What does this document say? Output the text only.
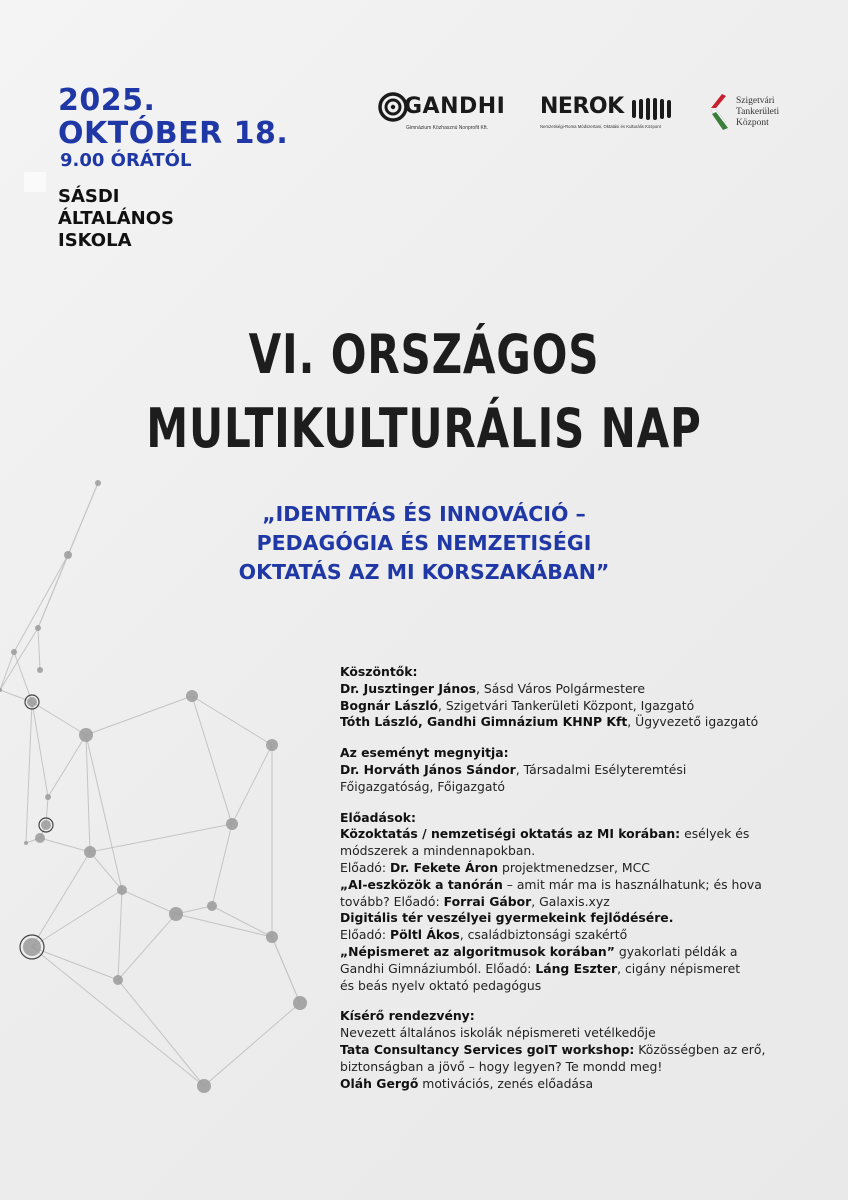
2025.
OKTÓBER 18.
9.00 ÓRÁTÓL
SÁSDI
ÁLTALÁNOS
ISKOLA
GANDHI
Gimnázium Közhasznú Nonprofit Kft.
NEROK
Nemzetiségi-Roma Módszertani, Oktatási és Kulturális Központ
Szigetvári
Tankerületi
Központ
VI. ORSZÁGOS
MULTIKULTURÁLIS NAP
„IDENTITÁS ÉS INNOVÁCIÓ –
PEDAGÓGIA ÉS NEMZETISÉGI
OKTATÁS AZ MI KORSZAKÁBAN”
Köszöntők:
Dr. Jusztinger János, Sásd Város Polgármestere
Bognár László, Szigetvári Tankerületi Központ, Igazgató
Tóth László, Gandhi Gimnázium KHNP Kft, Ügyvezető igazgató
Az eseményt megnyitja:
Dr. Horváth János Sándor, Társadalmi Esélyteremtési
Főigazgatóság, Főigazgató
Előadások:
Közoktatás / nemzetiségi oktatás az MI korában: esélyek és
módszerek a mindennapokban.
Előadó: Dr. Fekete Áron projektmenedzser, MCC
„AI-eszközök a tanórán – amit már ma is használhatunk; és hova
tovább? Előadó: Forrai Gábor, Galaxis.xyz
Digitális tér veszélyei gyermekeink fejlődésére.
Előadó: Pöltl Ákos, családbiztonsági szakértő
„Népismeret az algoritmusok korában” gyakorlati példák a
Gandhi Gimnáziumból. Előadó: Láng Eszter, cigány népismeret
és beás nyelv oktató pedagógus
Kísérő rendezvény:
Nevezett általános iskolák népismereti vetélkedője
Tata Consultancy Services goIT workshop: Közösségben az erő,
biztonságban a jövő – hogy legyen? Te mondd meg!
Oláh Gergő motivációs, zenés előadása
